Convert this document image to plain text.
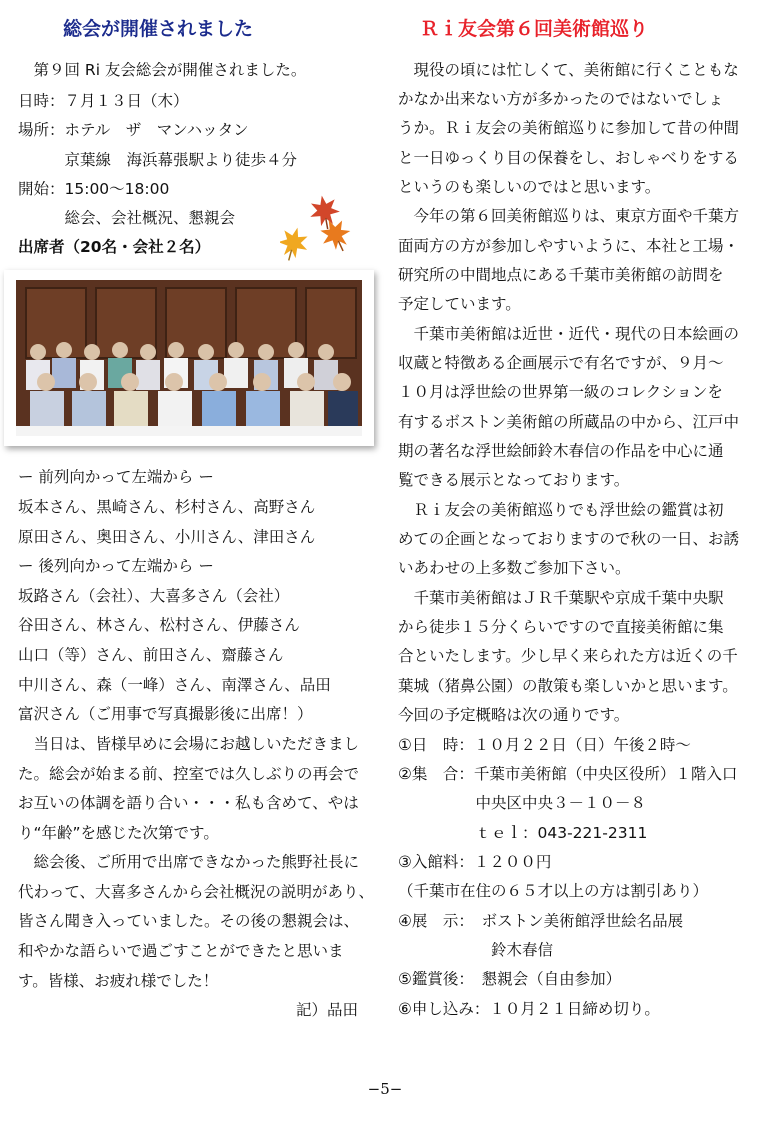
総会が開催されました
　第９回 Ri 友会総会が開催されました。
日時：７月１３日（木）
場所：ホテル　ザ　マンハッタン
　　　京葉線　海浜幕張駅より徒歩４分
開始：15:00〜18:00
　　　総会、会社概況、懇親会
出席者（20名・会社２名）
ー 前列向かって左端から ー
坂本さん、黒崎さん、杉村さん、高野さん
原田さん、奥田さん、小川さん、津田さん
ー 後列向かって左端から ー
坂路さん（会社）、大喜多さん（会社）
谷田さん、林さん、松村さん、伊藤さん
山口（等）さん、前田さん、齋藤さん
中川さん、森（一峰）さん、南澤さん、品田
富沢さん（ご用事で写真撮影後に出席！）
　当日は、皆様早めに会場にお越しいただきまし
た。総会が始まる前、控室では久しぶりの再会で
お互いの体調を語り合い・・・私も含めて、やは
り“年齢”を感じた次第です。
　総会後、ご所用で出席できなかった熊野社長に
代わって、大喜多さんから会社概況の説明があり、
皆さん聞き入っていました。その後の懇親会は、
和やかな語らいで過ごすことができたと思いま
す。皆様、お疲れ様でした！
記）品田
Ｒｉ友会第６回美術館巡り
　現役の頃には忙しくて、美術館に行くこともな
かなか出来ない方が多かったのではないでしょ
うか。Ｒｉ友会の美術館巡りに参加して昔の仲間
と一日ゆっくり目の保養をし、おしゃべりをする
というのも楽しいのではと思います。
　今年の第６回美術館巡りは、東京方面や千葉方
面両方の方が参加しやすいように、本社と工場・
研究所の中間地点にある千葉市美術館の訪問を
予定しています。
　千葉市美術館は近世・近代・現代の日本絵画の
収蔵と特徴ある企画展示で有名ですが、９月〜
１０月は浮世絵の世界第一級のコレクションを
有するボストン美術館の所蔵品の中から、江戸中
期の著名な浮世絵師鈴木春信の作品を中心に通
覧できる展示となっております。
　Ｒｉ友会の美術館巡りでも浮世絵の鑑賞は初
めての企画となっておりますので秋の一日、お誘
いあわせの上多数ご参加下さい。
　千葉市美術館はＪＲ千葉駅や京成千葉中央駅
から徒歩１５分くらいですので直接美術館に集
合といたします。少し早く来られた方は近くの千
葉城（猪鼻公園）の散策も楽しいかと思います。
今回の予定概略は次の通りです。
①日　時：１０月２２日（日）午後２時〜
②集　合：千葉市美術館（中央区役所）１階入口
　　　　　中央区中央３－１０－８
　　　　　ｔｅｌ：043-221-2311
③入館料：１２００円
（千葉市在住の６５才以上の方は割引あり）
④展　示：　ボストン美術館浮世絵名品展
　　　　　　鈴木春信
⑤鑑賞後：　懇親会（自由参加）
⑥申し込み：１０月２１日締め切り。
−5−
